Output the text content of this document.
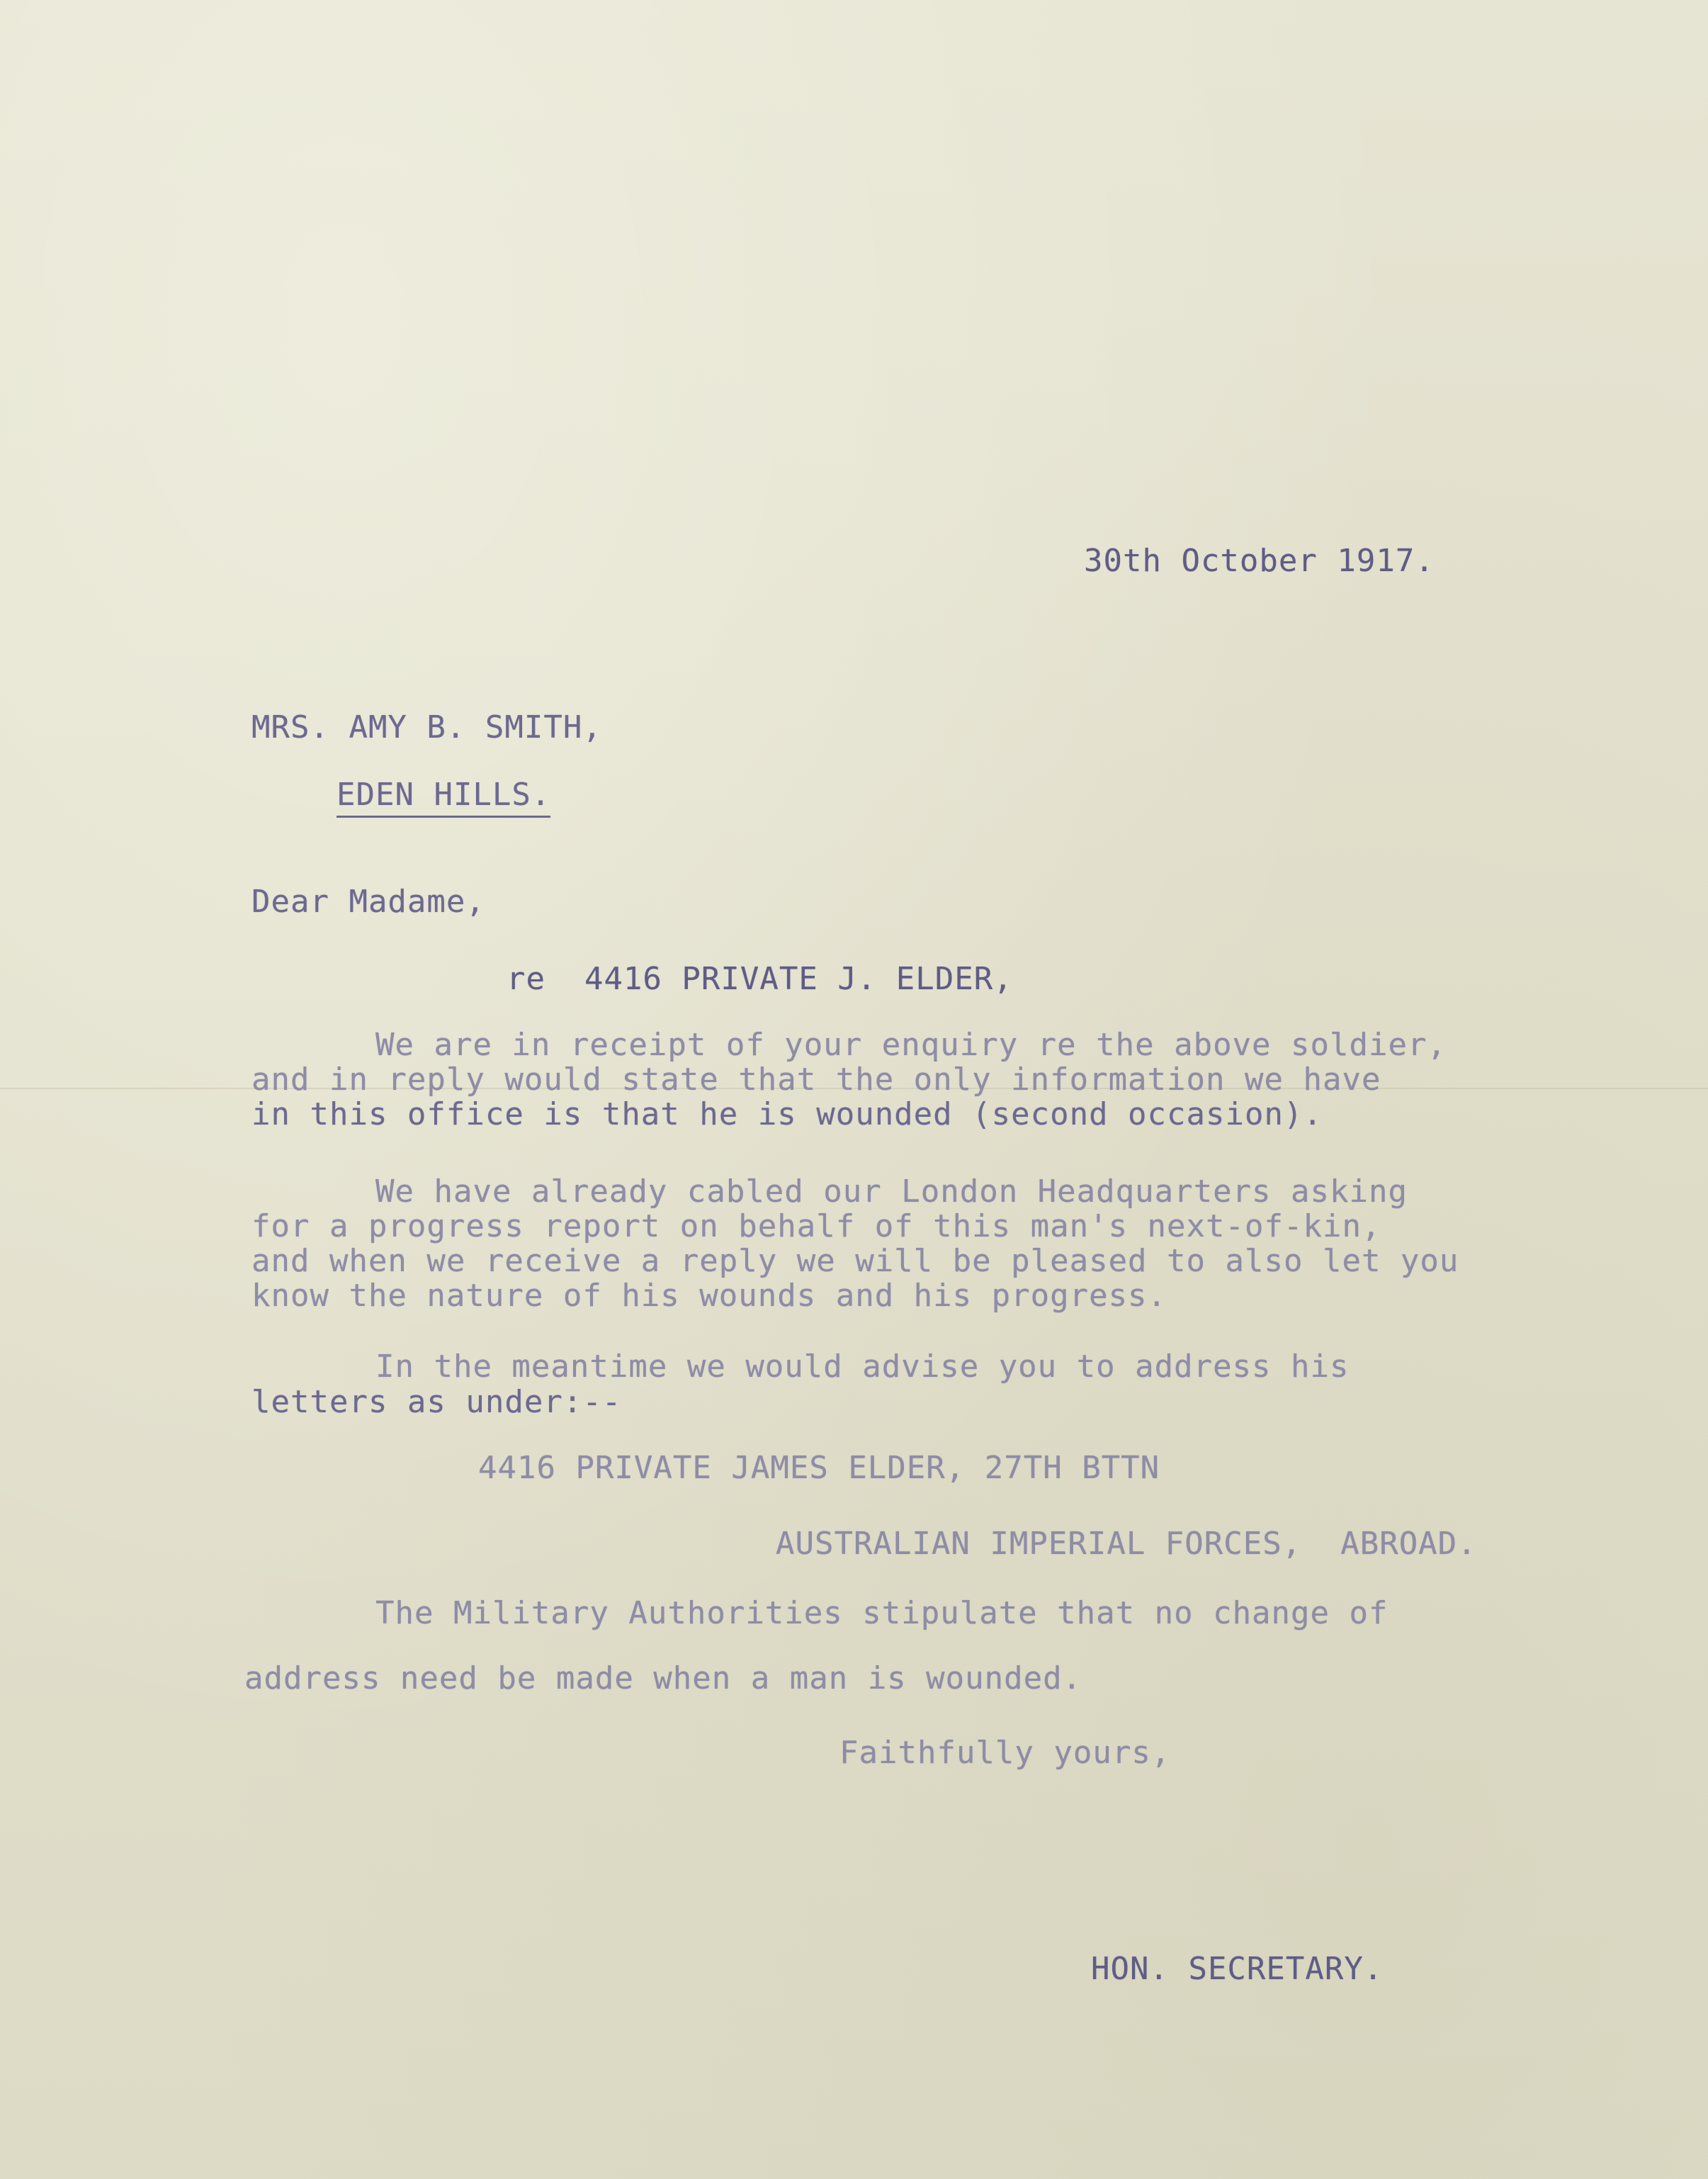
30th October 1917.
MRS. AMY B. SMITH,
EDEN HILLS.
Dear Madame,
re  4416 PRIVATE J. ELDER,
We are in receipt of your enquiry re the above soldier,
and in reply would state that the only information we have
in this office is that he is wounded (second occasion).
We have already cabled our London Headquarters asking
for a progress report on behalf of this man's next-of-kin,
and when we receive a reply we will be pleased to also let you
know the nature of his wounds and his progress.
In the meantime we would advise you to address his
letters as under:--
4416 PRIVATE JAMES ELDER, 27TH BTTN
AUSTRALIAN IMPERIAL FORCES,  ABROAD.
The Military Authorities stipulate that no change of
address need be made when a man is wounded.
Faithfully yours,
HON. SECRETARY.
